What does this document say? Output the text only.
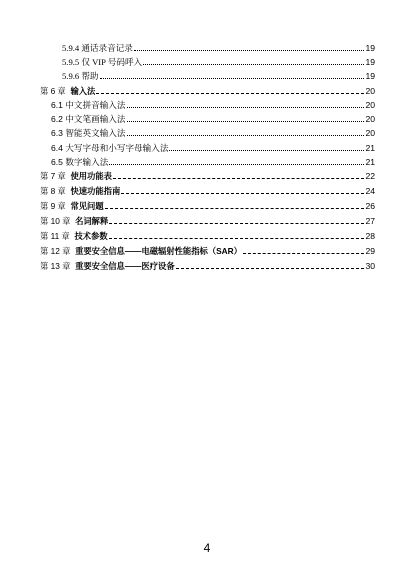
5.9.4 通话录音记录	19
5.9.5 仅 VIP 号码呼入	19
5.9.6 帮助	19
第 6 章 输入法	20
6.1 中文拼音输入法	20
6.2 中文笔画输入法	20
6.3 智能英文输入法	20
6.4 大写字母和小写字母输入法	21
6.5 数字输入法	21
第 7 章 使用功能表	22
第 8 章 快速功能指南	24
第 9 章 常见问题	26
第 10 章 名词解释	27
第 11 章 技术参数	28
第 12 章 重要安全信息——电磁辐射性能指标（SAR）	29
第 13 章 重要安全信息——医疗设备	30
4
